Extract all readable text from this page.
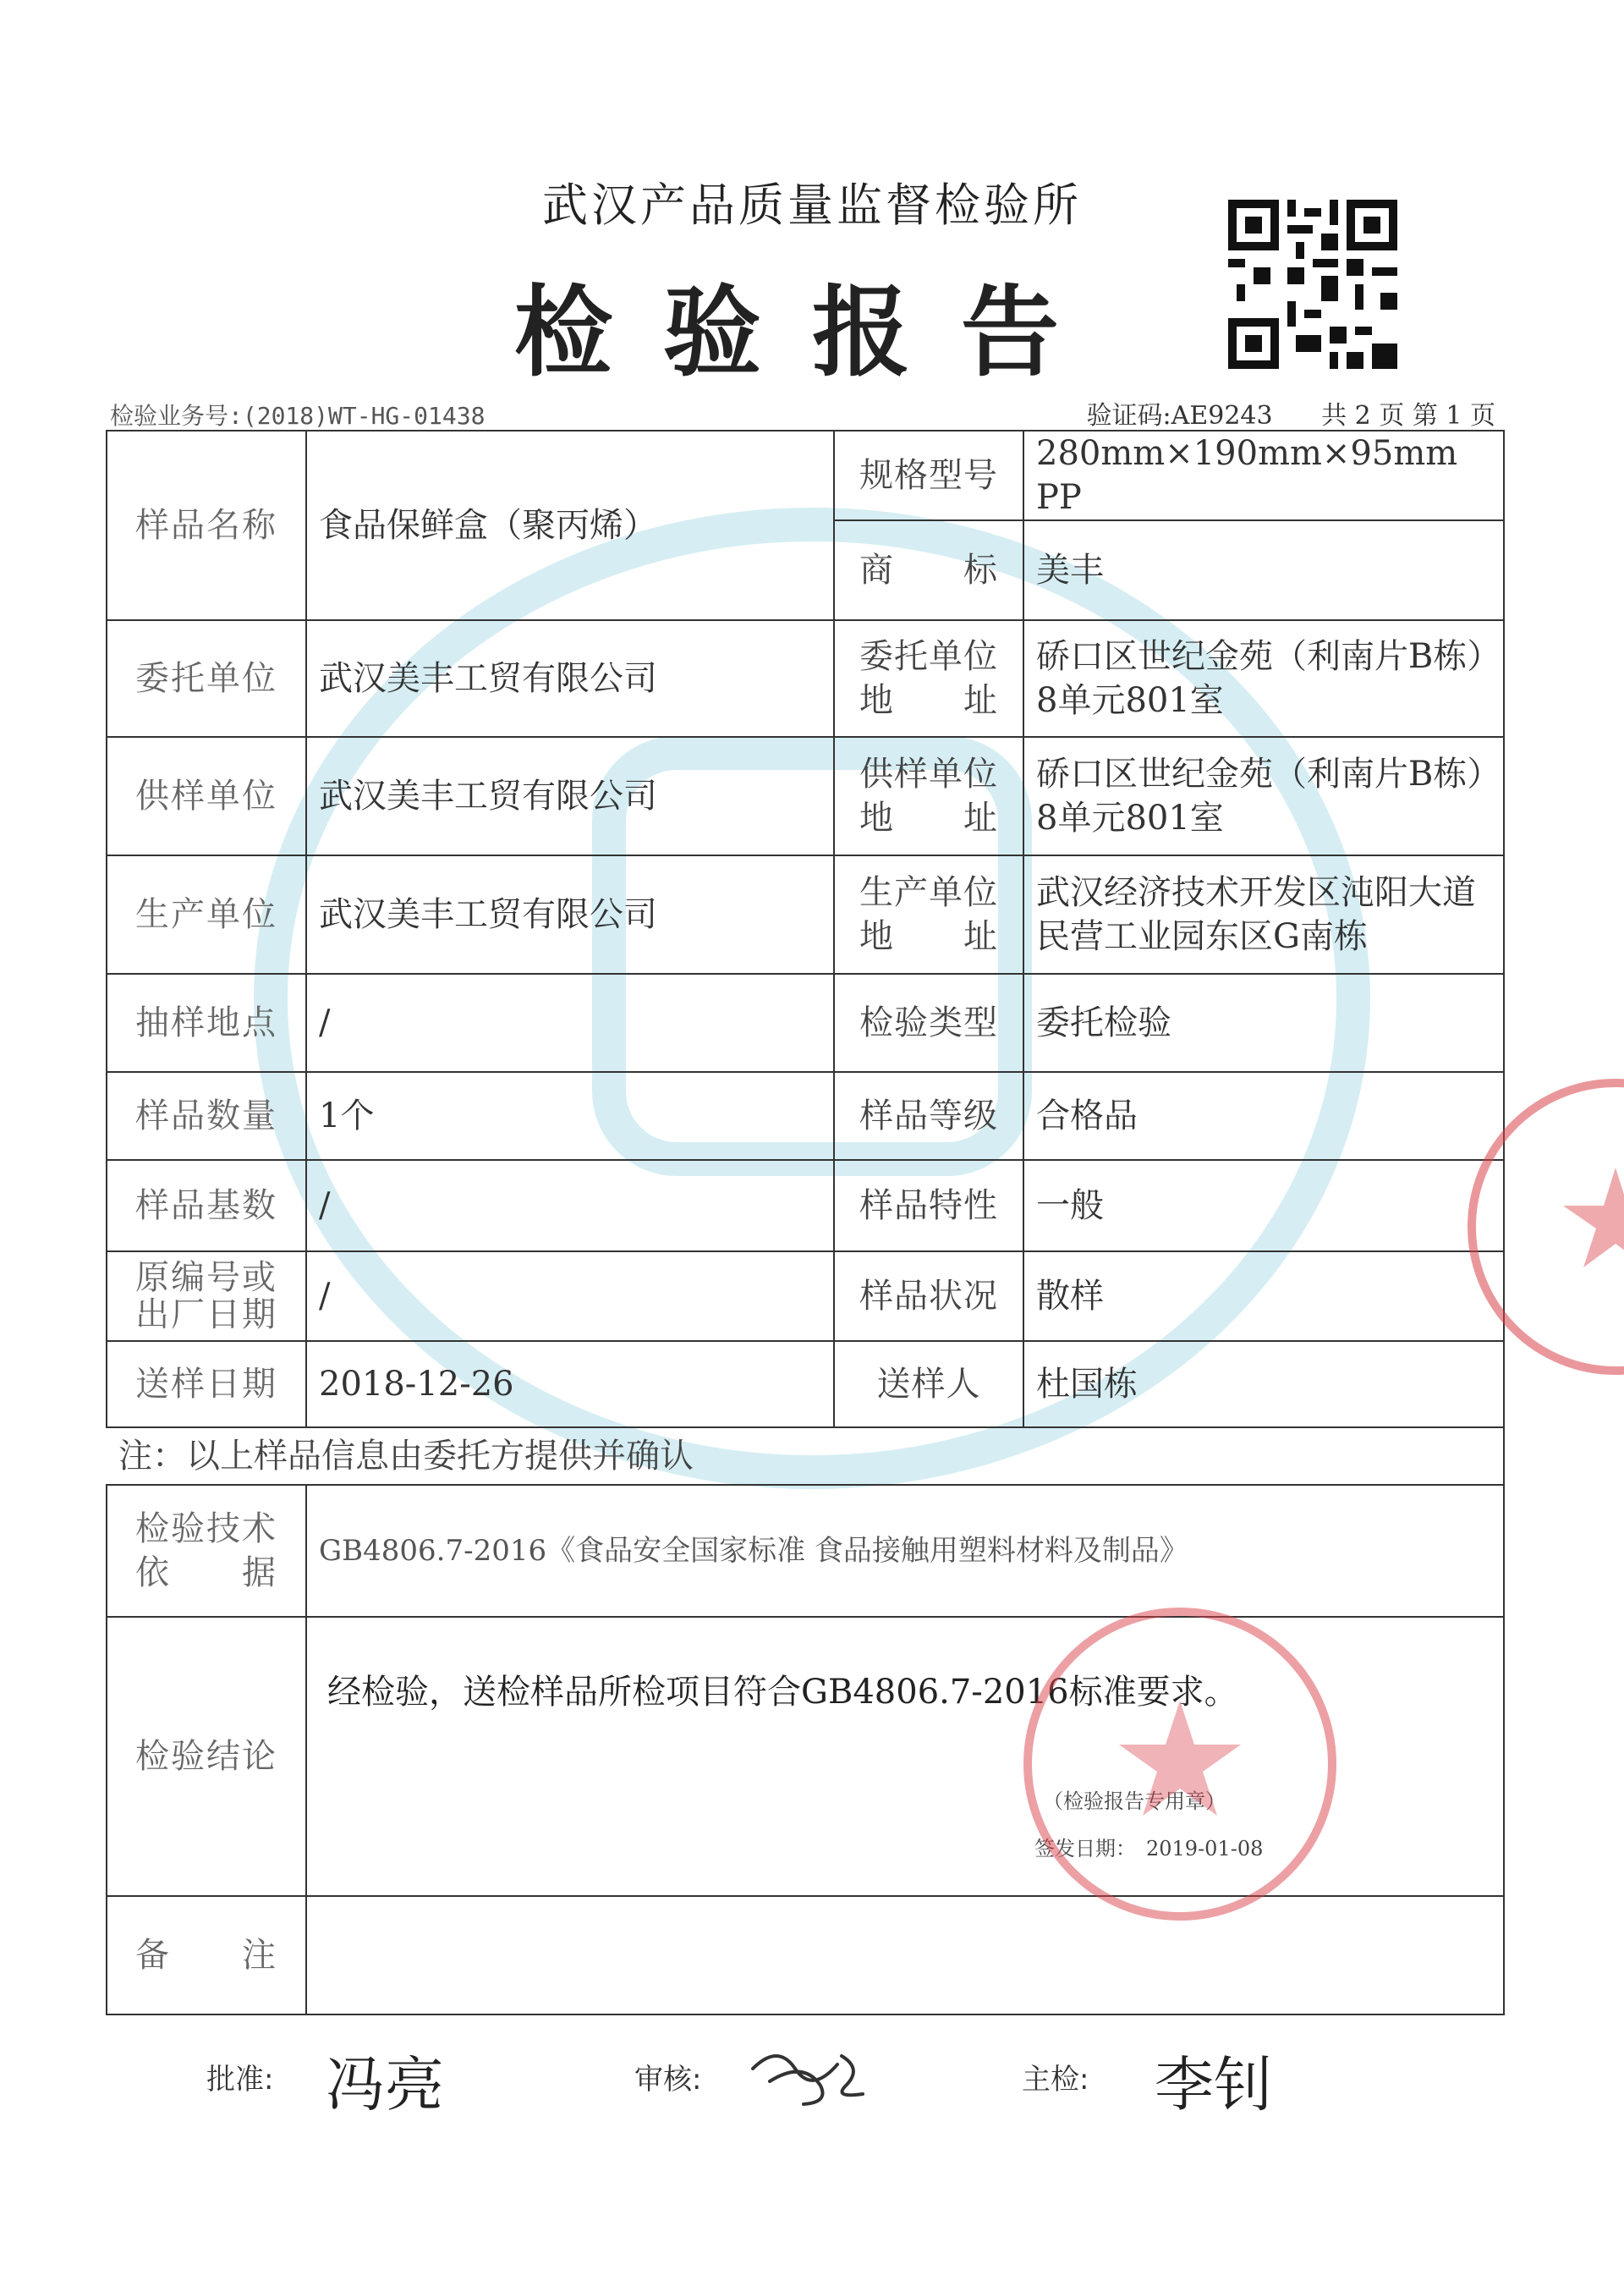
武汉产品质量监督检验所
检验报告
检验业务号:(2018)WT-HG-01438	验证码:AE9243 共 2 页 第 1 页
样品名称	食品保鲜盒（聚丙烯）	规格型号	280mm×190mm×95mm PP
		商　　标	美丰
委托单位	武汉美丰工贸有限公司	委托单位
地　　址	硚口区世纪金苑（利南片B栋）8单元801室
供样单位	武汉美丰工贸有限公司	供样单位
地　　址	硚口区世纪金苑（利南片B栋）8单元801室
生产单位	武汉美丰工贸有限公司	生产单位
地　　址	武汉经济技术开发区沌阳大道民营工业园东区G南栋
抽样地点	/	检验类型	委托检验
样品数量	1个	样品等级	合格品
样品基数	/	样品特性	一般
原编号或
出厂日期	/	样品状况	散样
送样日期	2018-12-26	送样人	杜国栋
注：以上样品信息由委托方提供并确认			
检验技术
依　　据	GB4806.7-2016《食品安全国家标准 食品接触用塑料材料及制品》		
检验结论	经检验，送检样品所检项目符合GB4806.7-2016标准要求。
（检验报告专用章）
签发日期：　2019-01-08		

备　　注			
批准: 冯亮	审核:	主检: 李钊
